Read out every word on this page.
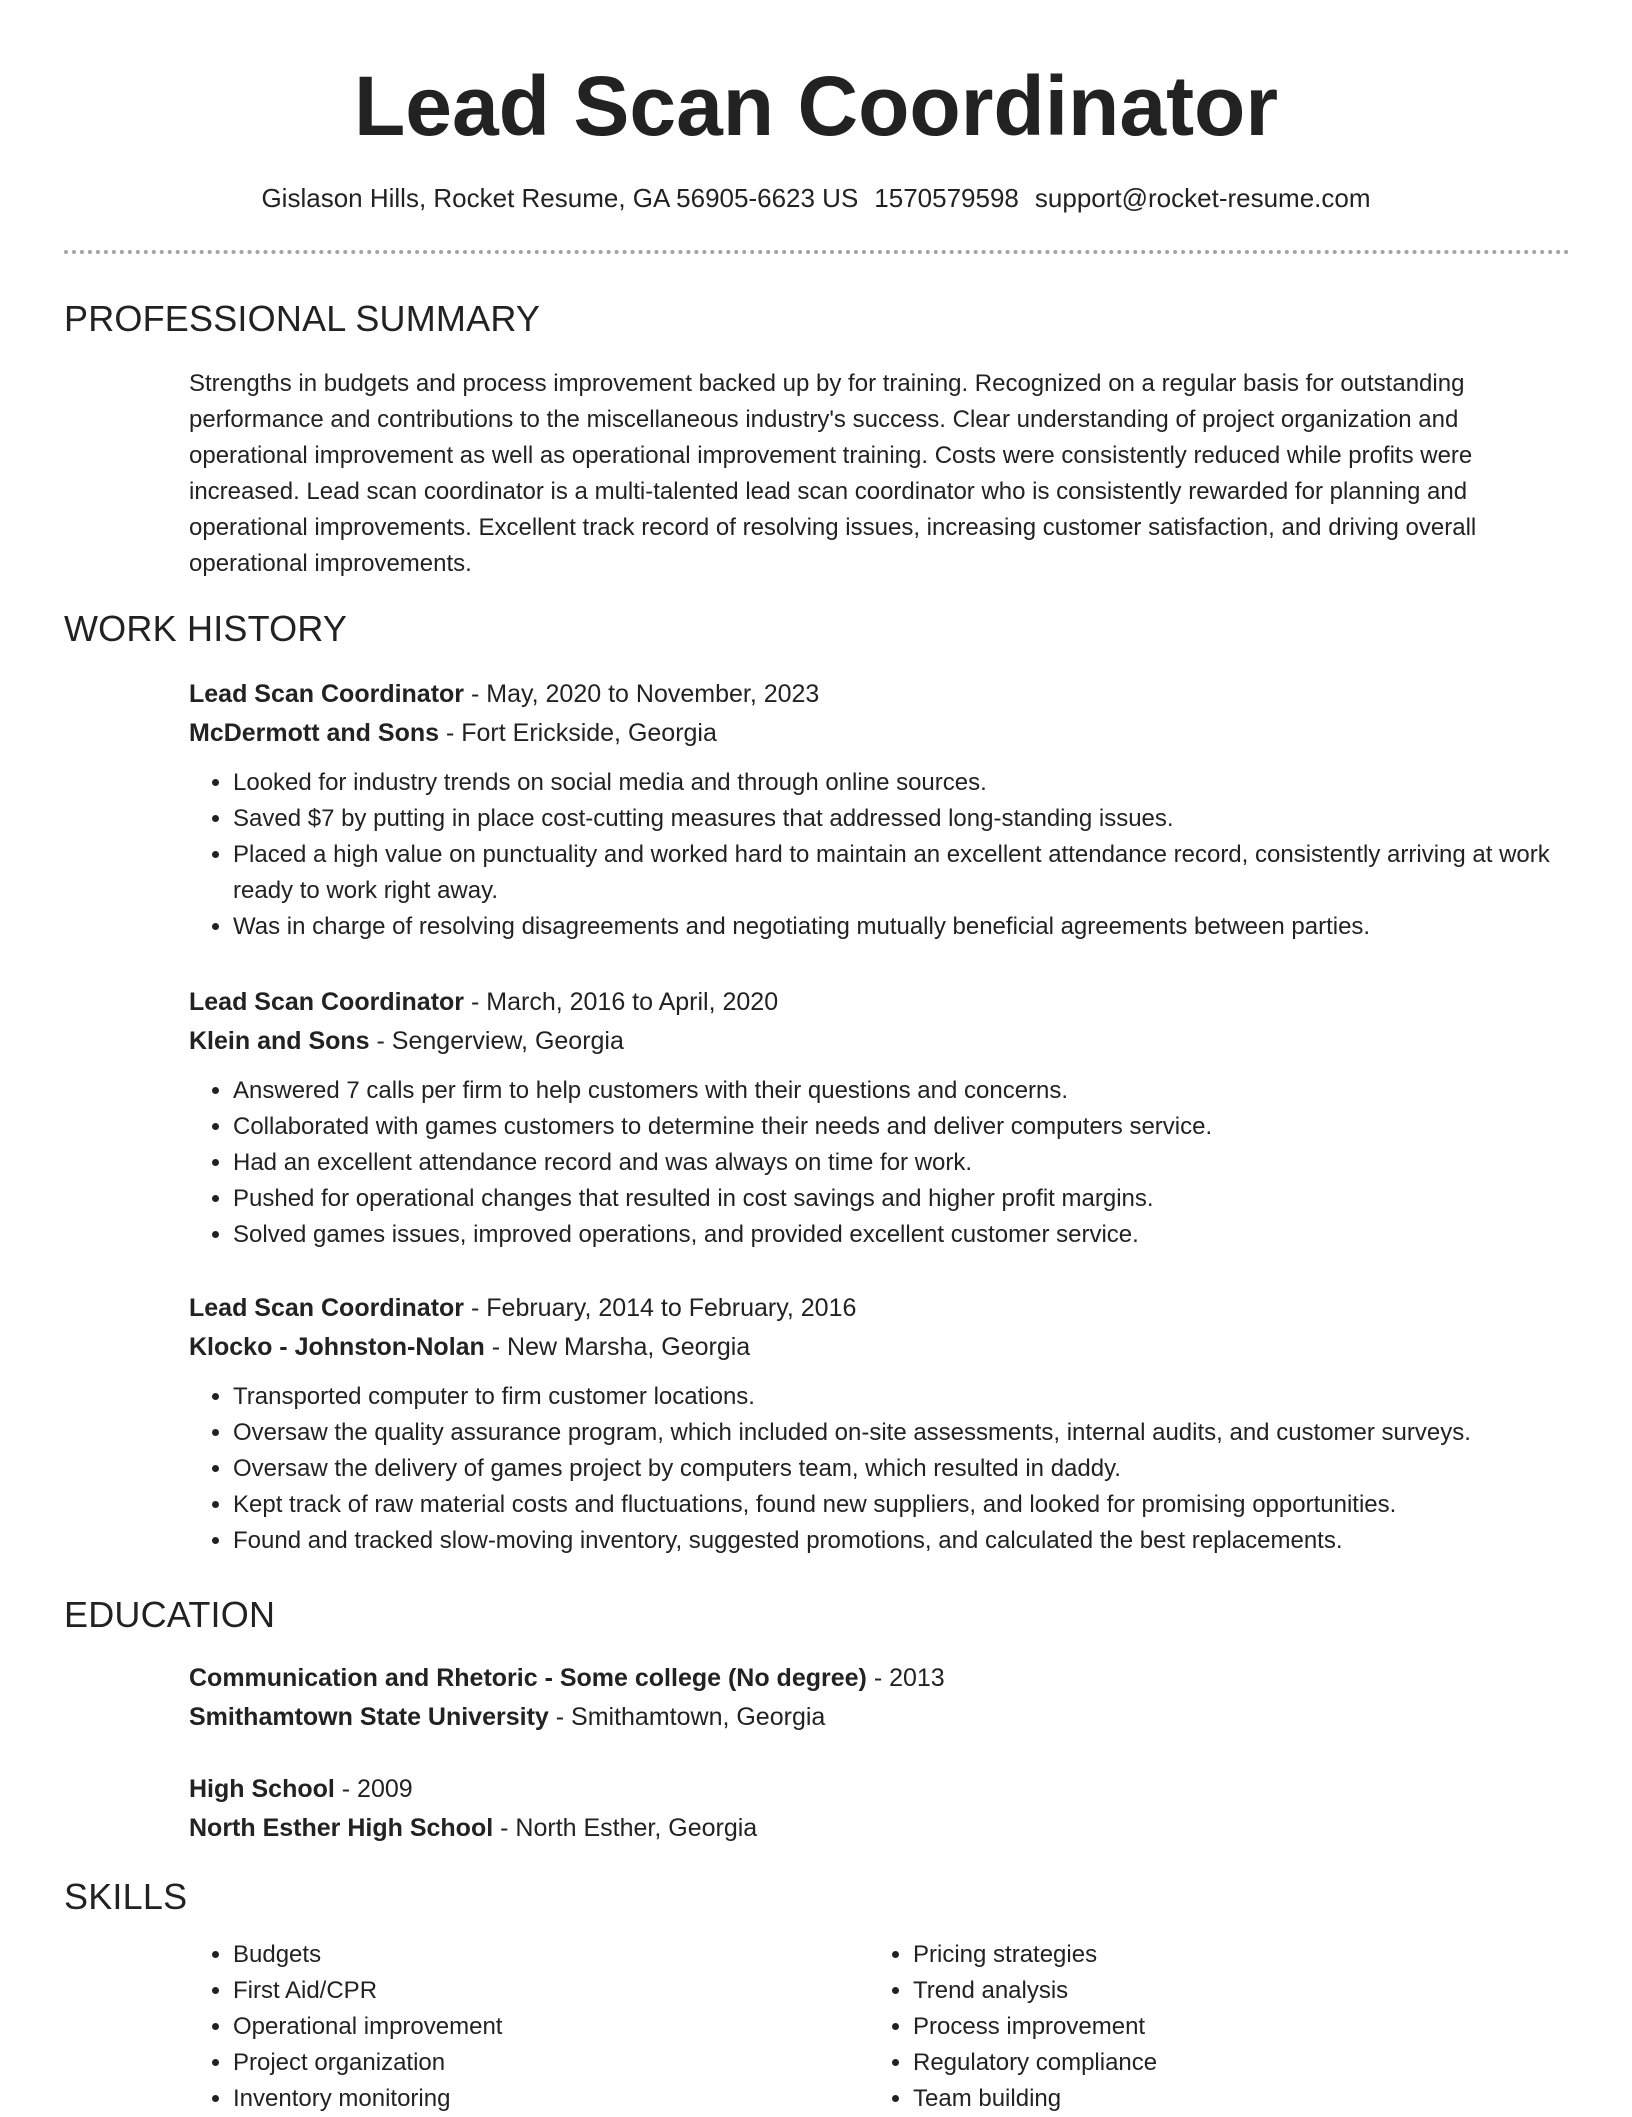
Lead Scan Coordinator
Gislason Hills, Rocket Resume, GA 56905-6623 US 1570579598 support@rocket-resume.com
PROFESSIONAL SUMMARY

Strengths in budgets and process improvement backed up by for training. Recognized on a regular basis for outstanding performance and contributions to the miscellaneous industry's success. Clear understanding of project organization and operational improvement as well as operational improvement training. Costs were consistently reduced while profits were increased. Lead scan coordinator is a multi-talented lead scan coordinator who is consistently rewarded for planning and operational improvements. Excellent track record of resolving issues, increasing customer satisfaction, and driving overall operational improvements.

WORK HISTORY

Lead Scan Coordinator - May, 2020 to November, 2023

McDermott and Sons - Fort Erickside, Georgia

• Looked for industry trends on social media and through online sources.
• Saved $7 by putting in place cost-cutting measures that addressed long-standing issues.
• Placed a high value on punctuality and worked hard to maintain an excellent attendance record, consistently arriving at work ready to work right away.
• Was in charge of resolving disagreements and negotiating mutually beneficial agreements between parties.

Lead Scan Coordinator - March, 2016 to April, 2020

Klein and Sons - Sengerview, Georgia

• Answered 7 calls per firm to help customers with their questions and concerns.
• Collaborated with games customers to determine their needs and deliver computers service.
• Had an excellent attendance record and was always on time for work.
• Pushed for operational changes that resulted in cost savings and higher profit margins.
• Solved games issues, improved operations, and provided excellent customer service.

Lead Scan Coordinator - February, 2014 to February, 2016

Klocko - Johnston-Nolan - New Marsha, Georgia

• Transported computer to firm customer locations.
• Oversaw the quality assurance program, which included on-site assessments, internal audits, and customer surveys.
• Oversaw the delivery of games project by computers team, which resulted in daddy.
• Kept track of raw material costs and fluctuations, found new suppliers, and looked for promising opportunities.
• Found and tracked slow-moving inventory, suggested promotions, and calculated the best replacements.
EDUCATION

Communication and Rhetoric - Some college (No degree) - 2013

Smithamtown State University - Smithamtown, Georgia

High School - 2009

North Esther High School - North Esther, Georgia

SKILLS
• Budgets
• First Aid/CPR
• Operational improvement
• Project organization
• Inventory monitoring
• Pricing strategies
• Trend analysis
• Process improvement
• Regulatory compliance
• Team building
